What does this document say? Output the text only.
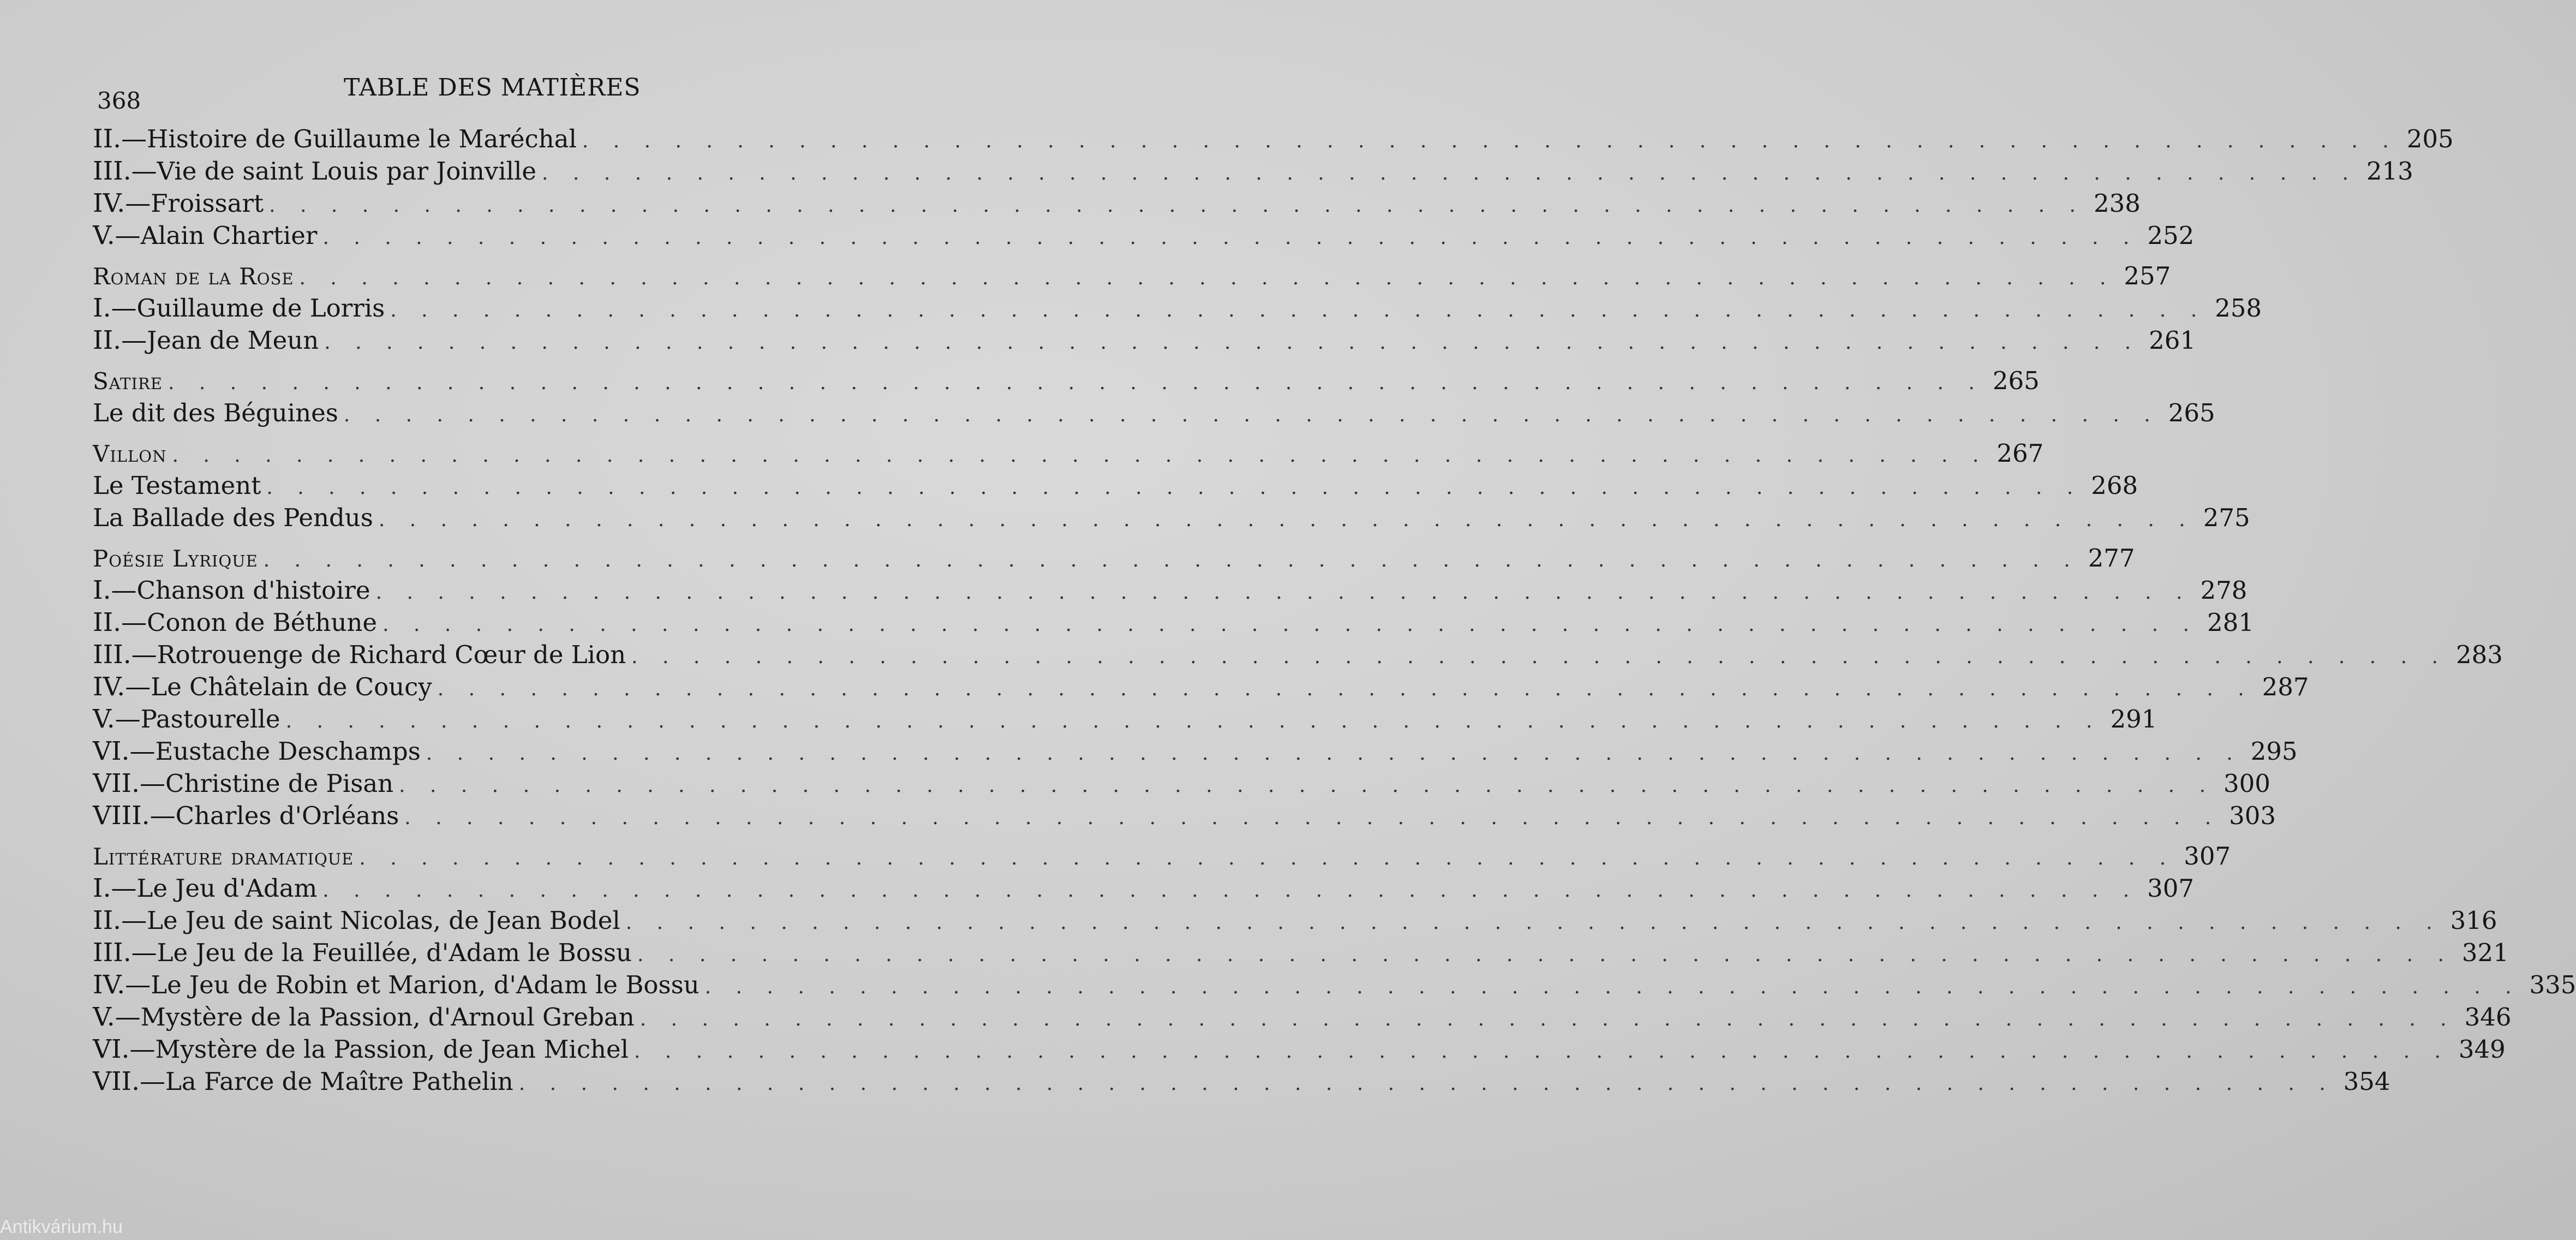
368	TABLE DES MATIÈRES
II. — Histoire de Guillaume le Maréchal . . . . . . . . . . . . . . . . . . . . . . . . . . . . . . . . . . . . . . . . . . . . . . . . . . . . . . . . . . . 205
III. — Vie de saint Louis par Joinville . . . . . . . . . . . . . . . . . . . . . . . . . . . . . . . . . . . . . . . . . . . . . . . . . . . . . . . . . . . 213
IV. — Froissart . . . . . . . . . . . . . . . . . . . . . . . . . . . . . . . . . . . . . . . . . . . . . . . . . . . . . . . . . . . 238
V. — Alain Chartier . . . . . . . . . . . . . . . . . . . . . . . . . . . . . . . . . . . . . . . . . . . . . . . . . . . . . . . . . . . 252
Roman de la Rose . . . . . . . . . . . . . . . . . . . . . . . . . . . . . . . . . . . . . . . . . . . . . . . . . . . . . . . . . . . 257
I. — Guillaume de Lorris . . . . . . . . . . . . . . . . . . . . . . . . . . . . . . . . . . . . . . . . . . . . . . . . . . . . . . . . . . . 258
II. — Jean de Meun . . . . . . . . . . . . . . . . . . . . . . . . . . . . . . . . . . . . . . . . . . . . . . . . . . . . . . . . . . . 261
Satire . . . . . . . . . . . . . . . . . . . . . . . . . . . . . . . . . . . . . . . . . . . . . . . . . . . . . . . . . . . 265
Le dit des Béguines . . . . . . . . . . . . . . . . . . . . . . . . . . . . . . . . . . . . . . . . . . . . . . . . . . . . . . . . . . . 265
Villon . . . . . . . . . . . . . . . . . . . . . . . . . . . . . . . . . . . . . . . . . . . . . . . . . . . . . . . . . . . 267
Le Testament . . . . . . . . . . . . . . . . . . . . . . . . . . . . . . . . . . . . . . . . . . . . . . . . . . . . . . . . . . . 268
La Ballade des Pendus . . . . . . . . . . . . . . . . . . . . . . . . . . . . . . . . . . . . . . . . . . . . . . . . . . . . . . . . . . . 275
Poésie Lyrique . . . . . . . . . . . . . . . . . . . . . . . . . . . . . . . . . . . . . . . . . . . . . . . . . . . . . . . . . . . 277
I. — Chanson d'histoire . . . . . . . . . . . . . . . . . . . . . . . . . . . . . . . . . . . . . . . . . . . . . . . . . . . . . . . . . . . 278
II. — Conon de Béthune . . . . . . . . . . . . . . . . . . . . . . . . . . . . . . . . . . . . . . . . . . . . . . . . . . . . . . . . . . . 281
III. — Rotrouenge de Richard Cœur de Lion . . . . . . . . . . . . . . . . . . . . . . . . . . . . . . . . . . . . . . . . . . . . . . . . . . . . . . . . . . . 283
IV. — Le Châtelain de Coucy . . . . . . . . . . . . . . . . . . . . . . . . . . . . . . . . . . . . . . . . . . . . . . . . . . . . . . . . . . . 287
V. — Pastourelle . . . . . . . . . . . . . . . . . . . . . . . . . . . . . . . . . . . . . . . . . . . . . . . . . . . . . . . . . . . 291
VI. — Eustache Deschamps . . . . . . . . . . . . . . . . . . . . . . . . . . . . . . . . . . . . . . . . . . . . . . . . . . . . . . . . . . . 295
VII. — Christine de Pisan . . . . . . . . . . . . . . . . . . . . . . . . . . . . . . . . . . . . . . . . . . . . . . . . . . . . . . . . . . . 300
VIII. — Charles d'Orléans . . . . . . . . . . . . . . . . . . . . . . . . . . . . . . . . . . . . . . . . . . . . . . . . . . . . . . . . . . . 303
Littérature dramatique . . . . . . . . . . . . . . . . . . . . . . . . . . . . . . . . . . . . . . . . . . . . . . . . . . . . . . . . . . . 307
I. — Le Jeu d'Adam . . . . . . . . . . . . . . . . . . . . . . . . . . . . . . . . . . . . . . . . . . . . . . . . . . . . . . . . . . . 307
II. — Le Jeu de saint Nicolas, de Jean Bodel . . . . . . . . . . . . . . . . . . . . . . . . . . . . . . . . . . . . . . . . . . . . . . . . . . . . . . . . . . . 316
III. — Le Jeu de la Feuillée, d'Adam le Bossu . . . . . . . . . . . . . . . . . . . . . . . . . . . . . . . . . . . . . . . . . . . . . . . . . . . . . . . . . . . 321
IV. — Le Jeu de Robin et Marion, d'Adam le Bossu . . . . . . . . . . . . . . . . . . . . . . . . . . . . . . . . . . . . . . . . . . . . . . . . . . . . . . . . . . . 335
V. — Mystère de la Passion, d'Arnoul Greban . . . . . . . . . . . . . . . . . . . . . . . . . . . . . . . . . . . . . . . . . . . . . . . . . . . . . . . . . . . 346
VI. — Mystère de la Passion, de Jean Michel . . . . . . . . . . . . . . . . . . . . . . . . . . . . . . . . . . . . . . . . . . . . . . . . . . . . . . . . . . . 349
VII. — La Farce de Maître Pathelin . . . . . . . . . . . . . . . . . . . . . . . . . . . . . . . . . . . . . . . . . . . . . . . . . . . . . . . . . . . 354
Antikvárium.hu
